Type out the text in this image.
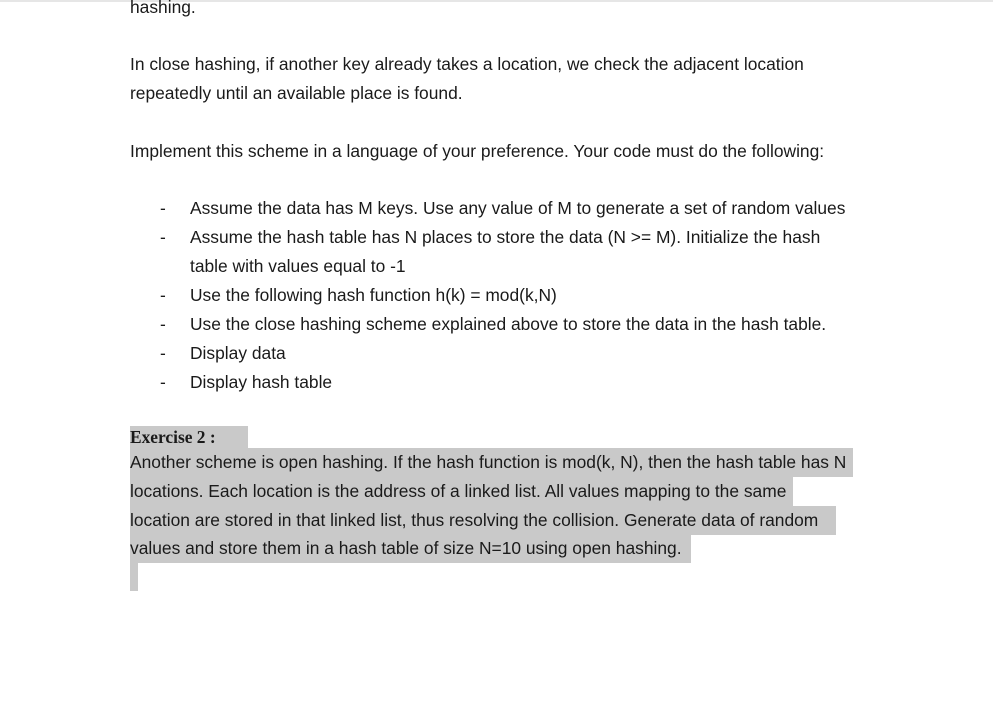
hashing.

In close hashing, if another key already takes a location, we check the adjacent location

repeatedly until an available place is found.

Implement this scheme in a language of your preference. Your code must do the following:

- Assume the data has M keys. Use any value of M to generate a set of random values
- Assume the hash table has N places to store the data (N >= M). Initialize the hash
table with values equal to -1
- Use the following hash function h(k) = mod(k,N)
- Use the close hashing scheme explained above to store the data in the hash table.
- Display data
- Display hash table
Exercise 2 :
Another scheme is open hashing. If the hash function is mod(k, N), then the hash table has N
locations. Each location is the address of a linked list. All values mapping to the same
location are stored in that linked list, thus resolving the collision. Generate data of random
values and store them in a hash table of size N=10 using open hashing.
